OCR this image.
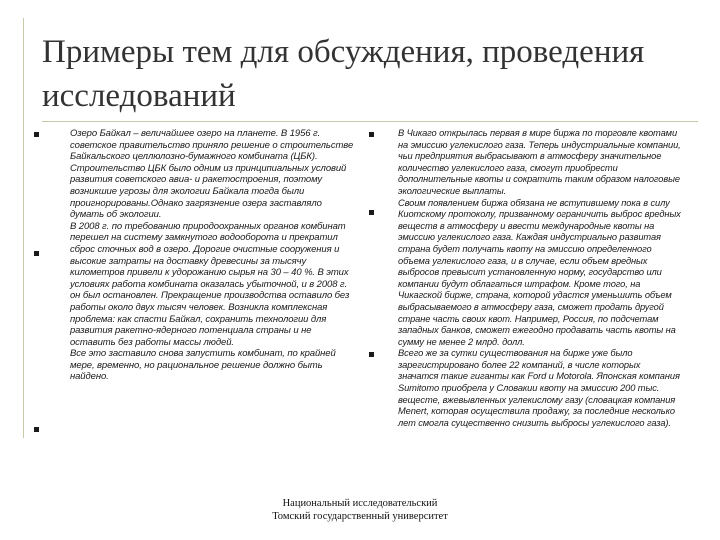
Примеры тем для обсуждения, проведения исследований

Озеро Байкал – величайшее озеро на планете. В 1956 г. советское правительство приняло решение о строительстве Байкальского целлюлозно-бумажного комбината (ЦБК). Строительство ЦБК было одним из принципиальных условий развития советского авиа- и ракетостроения, поэтому возникшие угрозы для экологии Байкала тогда были проигнорированы.Однако загрязнение озера заставляло думать об экологии.

В 2008 г. по требованию природоохранных органов комбинат перешел на систему замкнутого водооборота и прекратил сброс сточных вод в озеро. Дорогие очистные сооружения и высокие затраты на доставку древесины за тысячу километров привели к удорожанию сырья на 30 – 40 %. В этих условиях работа комбината оказалась убыточной, и в 2008 г. он был остановлен. Прекращение производства оставило без работы около двух тысяч человек. Возникла комплексная проблема: как спасти Байкал, сохранить технологии для развития ракетно-ядерного потенциала страны и не оставить без работы массы людей.

Все это заставило снова запустить комбинат, по крайней мере, временно, но рациональное решение должно быть найдено.

В Чикаго открылась первая в мире биржа по торговле квотами на эмиссию углекислого газа. Теперь индустриальные компании, чьи предприятия выбрасывают в атмосферу значительное количество углекислого газа, смогут приобрести дополнительные квоты и сократить таким образом налоговые экологические выплаты.

Своим появлением биржа обязана не вступившему пока в силу Киотскому протоколу, призванному ограничить выброс вредных веществ в атмосферу и ввести международные квоты на эмиссию углекислого газа. Каждая индустриально развитая страна будет получать квоту на эмиссию определенного объема углекислого газа, и в случае, если объем вредных выбросов превысит установленную норму, государство или компании будут облагаться штрафом. Кроме того, на Чикагской бирже, страна, которой удастся уменьшить объем выбрасываемого в атмосферу газа, сможет продать другой стране часть своих квот. Например, Россия, по подсчетам западных банков, сможет ежегодно продавать часть квоты на сумму не менее 2 млрд. долл.

Всего же за сутки существования на бирже уже было зарегистрировано более 22 компаний, в числе которых значатся такие гиганты как Ford и Motorola. Японская компания Sumitomo приобрела у Словакии квоту на эмиссию 200 тыс. вещесте, вжевывленных углекислому газу (словацкая компания Menert, которая осуществила продажу, за последние несколько лет смогла существенно снизить выбросы углекислого газа).

Национальный исследовательский
Томский государственный университет
